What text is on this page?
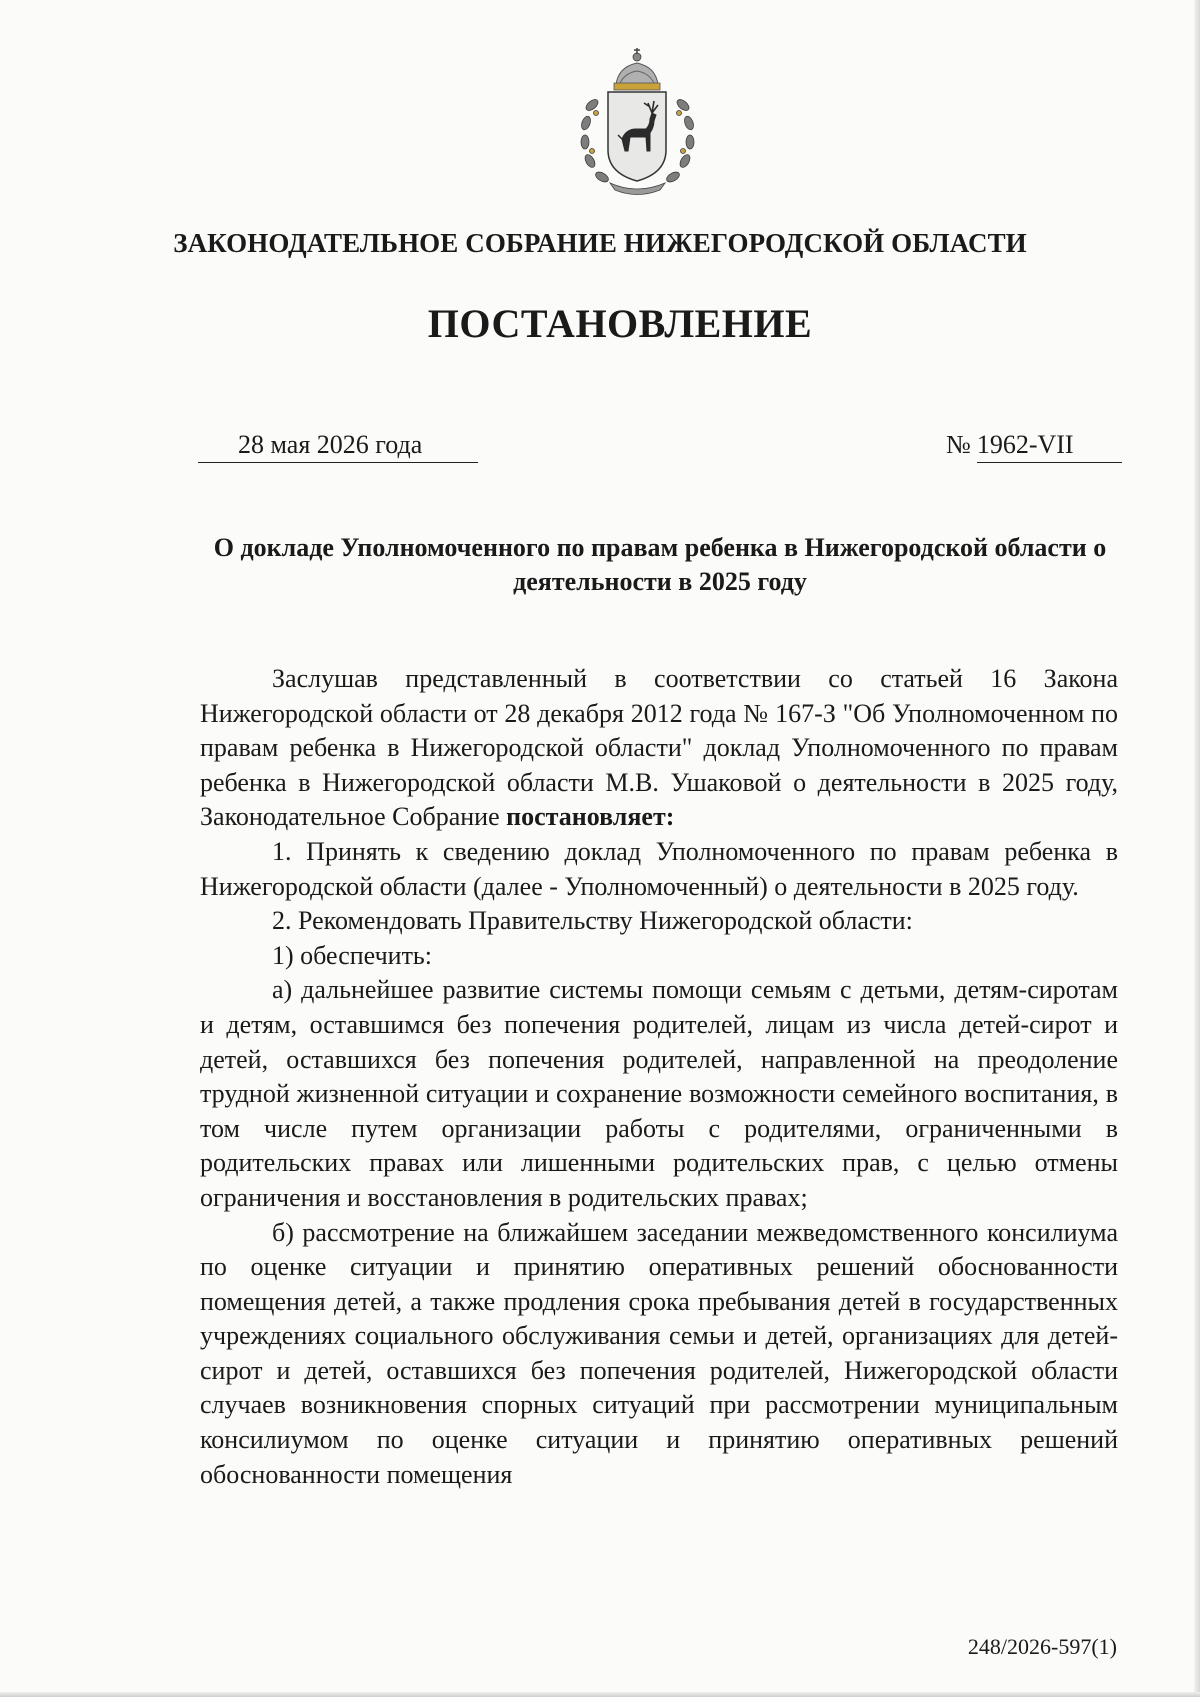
ЗАКОНОДАТЕЛЬНОЕ СОБРАНИЕ НИЖЕГОРОДСКОЙ ОБЛАСТИ
ПОСТАНОВЛЕНИЕ
28 мая 2026 года	№ 1962-VII
О докладе Уполномоченного по правам ребенка в Нижегородской области о деятельности в 2025 году

Заслушав представленный в соответствии со статьей 16 Закона Нижегородской области от 28 декабря 2012 года № 167-З "Об Уполномоченном по правам ребенка в Нижегородской области" доклад Уполномоченного по правам ребенка в Нижегородской области М.В. Ушаковой о деятельности в 2025 году, Законодательное Собрание постановляет:

1. Принять к сведению доклад Уполномоченного по правам ребенка в Нижегородской области (далее - Уполномоченный) о деятельности в 2025 году.

2. Рекомендовать Правительству Нижегородской области:

1) обеспечить:

а) дальнейшее развитие системы помощи семьям с детьми, детям-сиротам и детям, оставшимся без попечения родителей, лицам из числа детей-сирот и детей, оставшихся без попечения родителей, направленной на преодоление трудной жизненной ситуации и сохранение возможности семейного воспитания, в том числе путем организации работы с родителями, ограниченными в родительских правах или лишенными родительских прав, с целью отмены ограничения и восстановления в родительских правах;

б) рассмотрение на ближайшем заседании межведомственного консилиума по оценке ситуации и принятию оперативных решений обоснованности помещения детей, а также продления срока пребывания детей в государственных учреждениях социального обслуживания семьи и детей, организациях для детей-сирот и детей, оставшихся без попечения родителей, Нижегородской области случаев возникновения спорных ситуаций при рассмотрении муниципальным консилиумом по оценке ситуации и принятию оперативных решений обоснованности помещения

248/2026-597(1)
